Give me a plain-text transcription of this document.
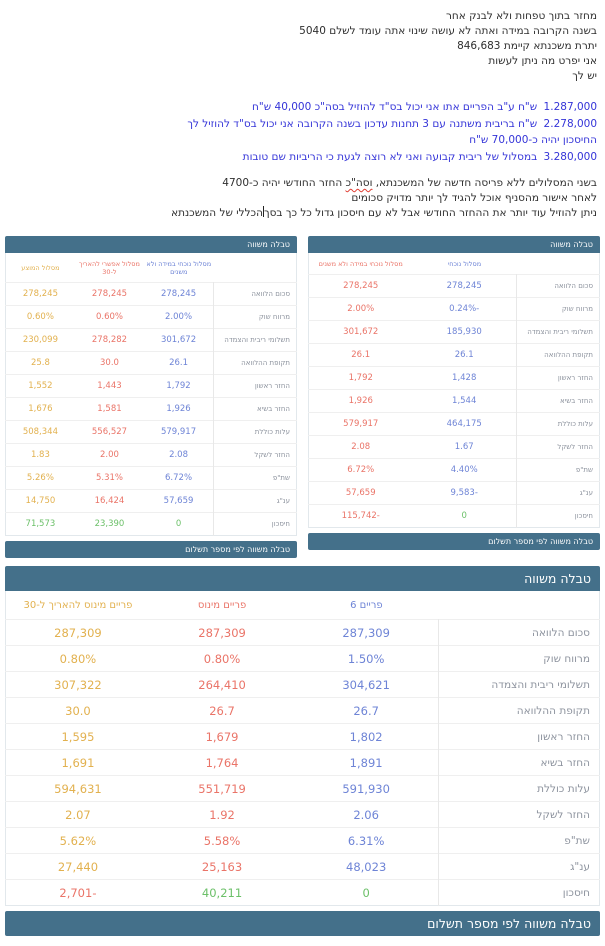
מחזר בתוך טפחות ולא לבנק אחר

בשנה הקרובה במידה ואתה לא עושה שינוי אתה עומד לשלם 5040

יתרת משכנתא קיימת 846,683

אני יפרט מה ניתן לעשות

יש לך

1.287,000 ש"ח ע"ב הפריים אתו אני יכול בס"ד להוזיל בסה"כ 40,000 ש"ח

2.278,000 ש"ח בריבית משתנה עם 3 תחנות עדכון בשנה הקרובה אני יכול בס"ד להוזיל לך

החיסכון יהיה כ-70,000 ש"ח

3.280,000 במסלול של ריבית קבועה ואני לא רוצה לגעת כי הריביות שם טובות

בשני המסלולים ללא פריסה חדשה של המשכנתא, וסה"כ החזר החודשי יהיה כ-4700

לאחר אישור מהסניף אוכל להגיד לך יותר מדויק סכומים

ניתן להוזיל עוד יותר את ההחזר החודשי אבל לא עם חיסכון גדול כל כך בסךהכללי של המשכנתא

טבלה משווה
	מסלול נוכחי	מסלול נוכחי במידה ולא משנים
סכום הלוואה	278,245	278,245
מרווח שוק	-0.24%	2.00%
תשלומי ריבית והצמדה	185,930	301,672
תקופת ההלוואה	26.1	26.1
החזר ראשון	1,428	1,792
החזר בשיא	1,544	1,926
עלות כוללת	464,175	579,917
החזר לשקל	1.67	2.08
שת"פ	4.40%	6.72%
ענ"ג	-9,583	57,659
חיסכון	0	-115,742
טבלה משווה לפי מספר תשלום
טבלה משווה
	מסלול נוכחי במידה ולא משנים	מסלול אפשרי להאריך ל-30	מסלול המוצע
סכום הלוואה	278,245	278,245	278,245
מרווח שוק	2.00%	0.60%	0.60%
תשלומי ריבית והצמדה	301,672	278,282	230,099
תקופת ההלוואה	26.1	30.0	25.8
החזר ראשון	1,792	1,443	1,552
החזר בשיא	1,926	1,581	1,676
עלות כוללת	579,917	556,527	508,344
החזר לשקל	2.08	2.00	1.83
שת"פ	6.72%	5.31%	5.26%
ענ"ג	57,659	16,424	14,750
חיסכון	0	23,390	71,573
טבלה משווה לפי מספר תשלום
טבלה משווה
	פריים 6	פריים מינוס	פריים מינוס להאריך ל-30
סכום הלוואה	287,309	287,309	287,309
מרווח שוק	1.50%	0.80%	0.80%
תשלומי ריבית והצמדה	304,621	264,410	307,322
תקופת ההלוואה	26.7	26.7	30.0
החזר ראשון	1,802	1,679	1,595
החזר בשיא	1,891	1,764	1,691
עלות כוללת	591,930	551,719	594,631
החזר לשקל	2.06	1.92	2.07
שת"פ	6.31%	5.58%	5.62%
ענ"ג	48,023	25,163	27,440
חיסכון	0	40,211	-2,701
טבלה משווה לפי מספר תשלום
